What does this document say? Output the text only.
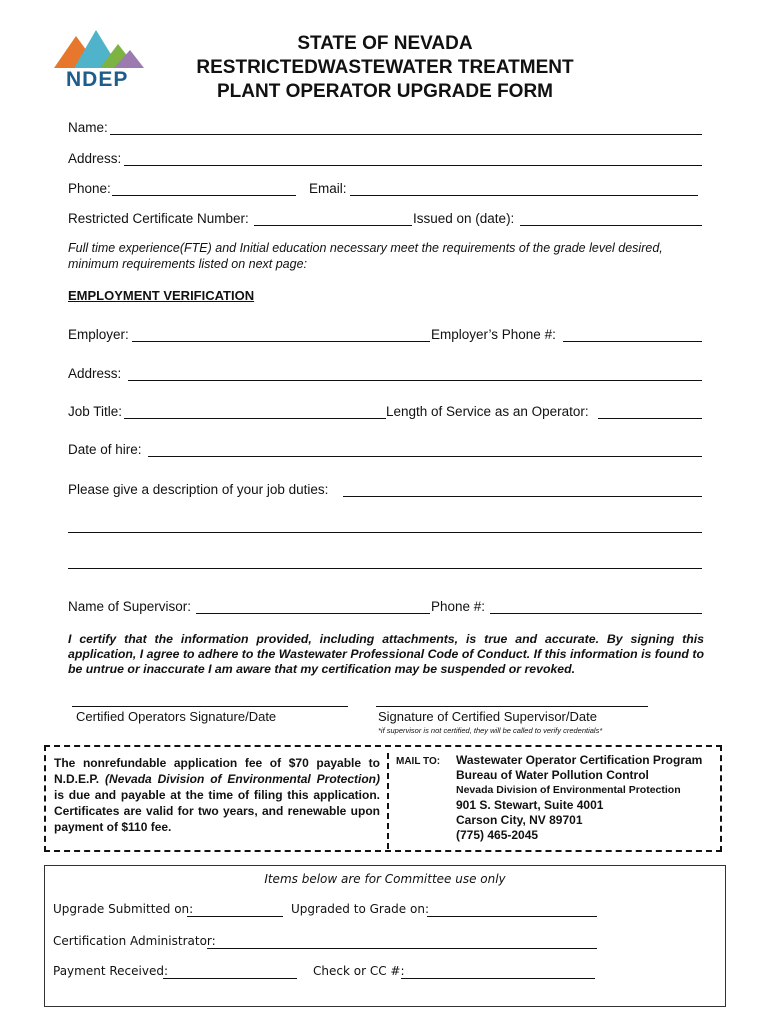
NDEP
STATE OF NEVADA
RESTRICTEDWASTEWATER TREATMENT
PLANT OPERATOR UPGRADE FORM
Name:
Address:
Phone:	Email:
Restricted Certificate Number:	Issued on (date):
Full time experience(FTE) and Initial education necessary meet the requirements of the grade level desired, minimum requirements listed on next page:
EMPLOYMENT VERIFICATION
Employer:	Employer’s Phone #:
Address:
Job Title:	Length of Service as an Operator:
Date of hire:
Please give a description of your job duties:
Name of Supervisor:	Phone #:
I certify that the information provided, including attachments, is true and accurate. By signing this application, I agree to adhere to the Wastewater Professional Code of Conduct. If this information is found to be untrue or inaccurate I am aware that my certification may be suspended or revoked.
Certified Operators Signature/Date	Signature of Certified Supervisor/Date
*if supervisor is not certified, they will be called to verify credentials*
The nonrefundable application fee of $70 payable to N.D.E.P. (Nevada Division of Environmental Protection) is due and payable at the time of filing this application. Certificates are valid for two years, and renewable upon payment of $110 fee.
MAIL TO: Wastewater Operator Certification Program
Bureau of Water Pollution Control
Nevada Division of Environmental Protection
901 S. Stewart, Suite 4001
Carson City, NV 89701
(775) 465-2045
Items below are for Committee use only
Upgrade Submitted on:	Upgraded to Grade on:
Certification Administrator:
Payment Received:	Check or CC #:
